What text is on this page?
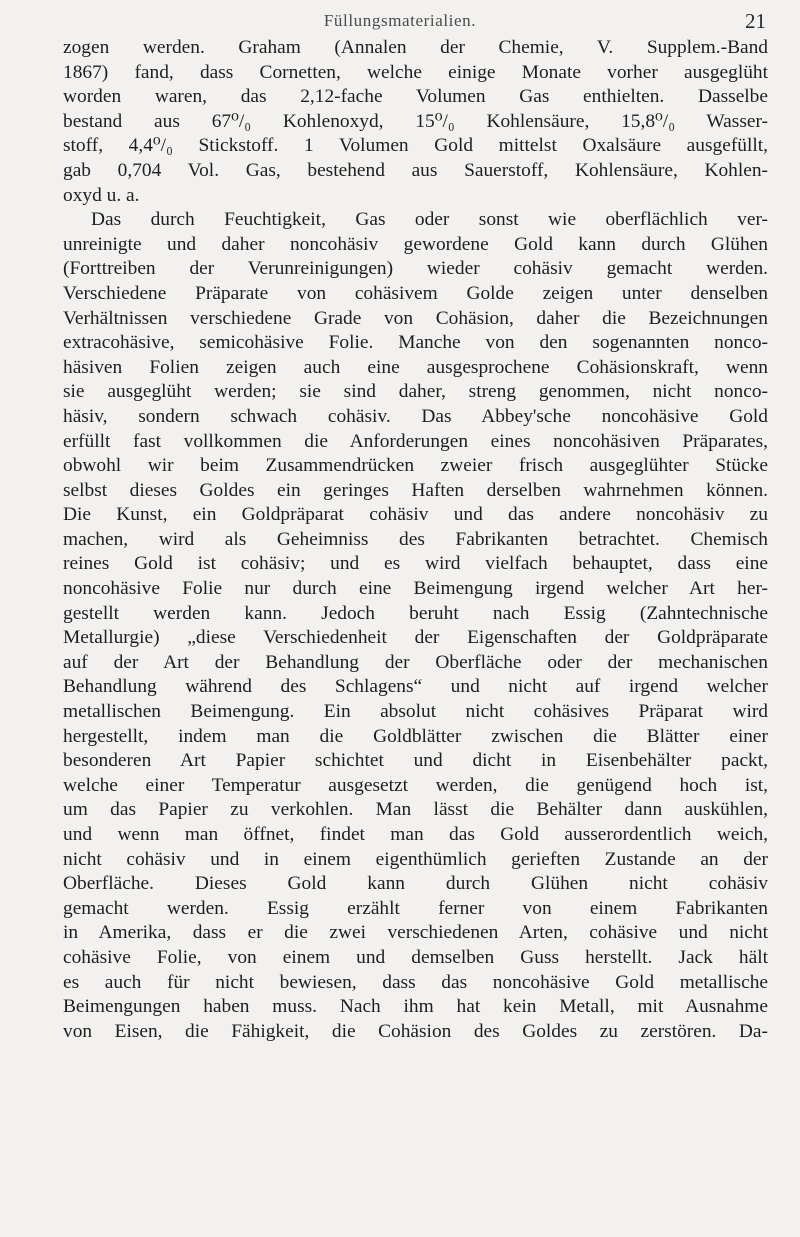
Füllungsmaterialien.	21
zogen werden. Graham (Annalen der Chemie, V. Supplem.-Band
1867) fand, dass Cornetten, welche einige Monate vorher ausgeglüht
worden waren, das 2,12-fache Volumen Gas enthielten. Dasselbe
bestand aus 67⁰/₀ Kohlenoxyd, 15⁰/₀ Kohlensäure, 15,8⁰/₀ Wasser-
stoff, 4,4⁰/₀ Stickstoff. 1 Volumen Gold mittelst Oxalsäure ausgefüllt,
gab 0,704 Vol. Gas, bestehend aus Sauerstoff, Kohlensäure, Kohlen-
oxyd u. a.
Das durch Feuchtigkeit, Gas oder sonst wie oberflächlich ver-
unreinigte und daher noncohäsiv gewordene Gold kann durch Glühen
(Forttreiben der Verunreinigungen) wieder cohäsiv gemacht werden.
Verschiedene Präparate von cohäsivem Golde zeigen unter denselben
Verhältnissen verschiedene Grade von Cohäsion, daher die Bezeichnungen
extracohäsive, semicohäsive Folie. Manche von den sogenannten nonco-
häsiven Folien zeigen auch eine ausgesprochene Cohäsionskraft, wenn
sie ausgeglüht werden; sie sind daher, streng genommen, nicht nonco-
häsiv, sondern schwach cohäsiv. Das Abbey'sche noncohäsive Gold
erfüllt fast vollkommen die Anforderungen eines noncohäsiven Präparates,
obwohl wir beim Zusammendrücken zweier frisch ausgeglühter Stücke
selbst dieses Goldes ein geringes Haften derselben wahrnehmen können.
Die Kunst, ein Goldpräparat cohäsiv und das andere noncohäsiv zu
machen, wird als Geheimniss des Fabrikanten betrachtet. Chemisch
reines Gold ist cohäsiv; und es wird vielfach behauptet, dass eine
noncohäsive Folie nur durch eine Beimengung irgend welcher Art her-
gestellt werden kann. Jedoch beruht nach Essig (Zahntechnische
Metallurgie) „diese Verschiedenheit der Eigenschaften der Goldpräparate
auf der Art der Behandlung der Oberfläche oder der mechanischen
Behandlung während des Schlagens“ und nicht auf irgend welcher
metallischen Beimengung. Ein absolut nicht cohäsives Präparat wird
hergestellt, indem man die Goldblätter zwischen die Blätter einer
besonderen Art Papier schichtet und dicht in Eisenbehälter packt,
welche einer Temperatur ausgesetzt werden, die genügend hoch ist,
um das Papier zu verkohlen. Man lässt die Behälter dann auskühlen,
und wenn man öffnet, findet man das Gold ausserordentlich weich,
nicht cohäsiv und in einem eigenthümlich gerieften Zustande an der
Oberfläche. Dieses Gold kann durch Glühen nicht cohäsiv
gemacht werden. Essig erzählt ferner von einem Fabrikanten
in Amerika, dass er die zwei verschiedenen Arten, cohäsive und nicht
cohäsive Folie, von einem und demselben Guss herstellt. Jack hält
es auch für nicht bewiesen, dass das noncohäsive Gold metallische
Beimengungen haben muss. Nach ihm hat kein Metall, mit Ausnahme
von Eisen, die Fähigkeit, die Cohäsion des Goldes zu zerstören. Da-
